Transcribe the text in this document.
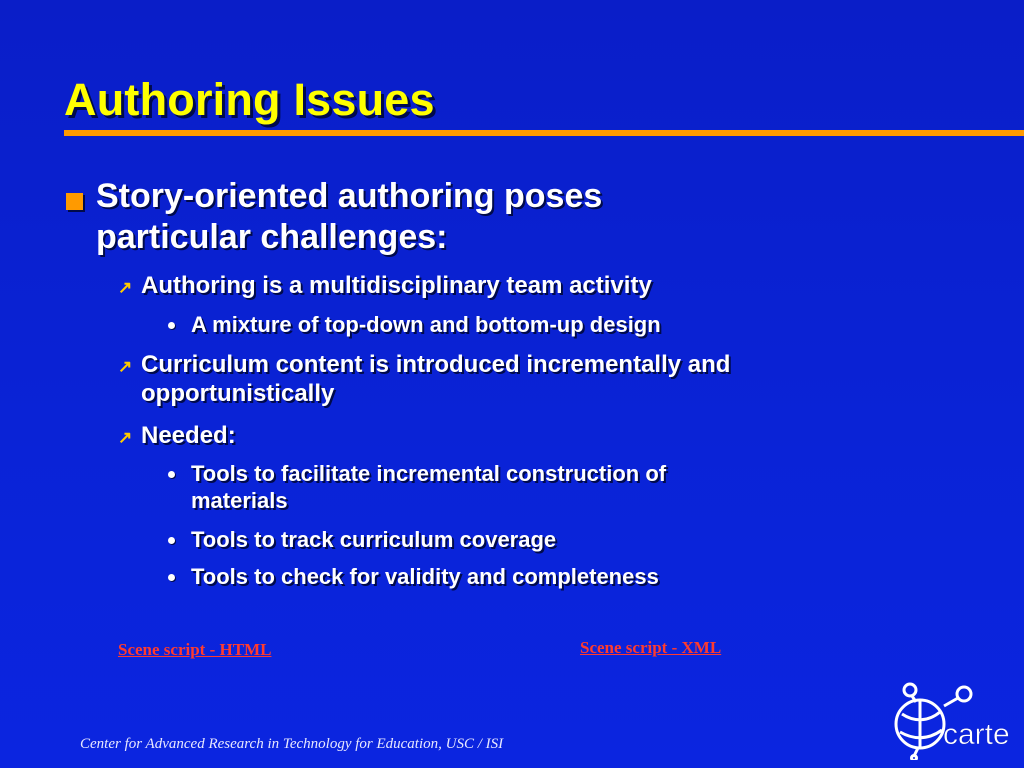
Authoring Issues
Story-oriented authoring poses particular challenges:
↗ Authoring is a multidisciplinary team activity
A mixture of top-down and bottom-up design
↗ Curriculum content is introduced incrementally and opportunistically
↗ Needed:
Tools to facilitate incremental construction of materials
Tools to track curriculum coverage
Tools to check for validity and completeness
Scene script - HTML	Scene script - XML
Center for Advanced Research in Technology for Education, USC / ISI	carte
